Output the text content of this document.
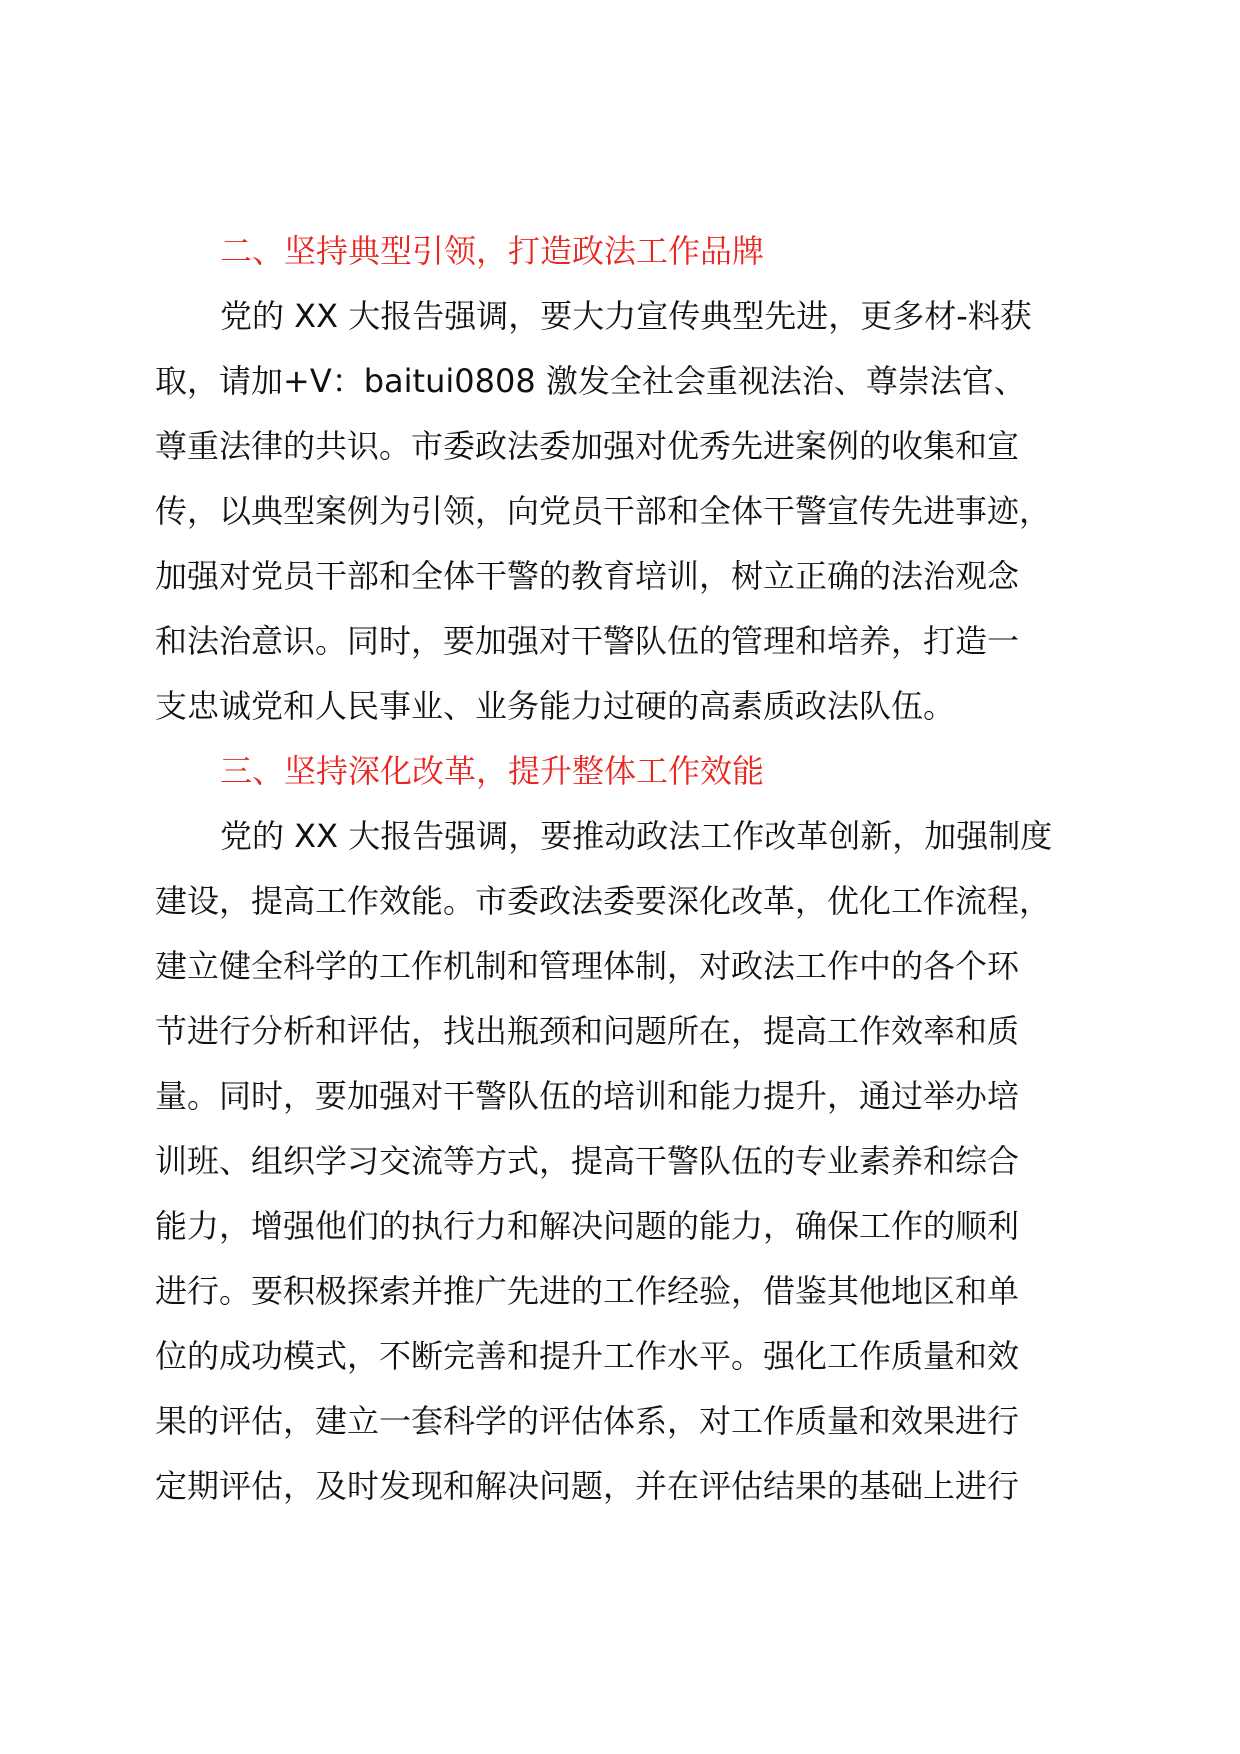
二、坚持典型引领，打造政法工作品牌
党的 XX 大报告强调，要大力宣传典型先进，更多材-料获
取，请加+V：baitui0808 激发全社会重视法治、尊崇法官、
尊重法律的共识。市委政法委加强对优秀先进案例的收集和宣
传，以典型案例为引领，向党员干部和全体干警宣传先进事迹，
加强对党员干部和全体干警的教育培训，树立正确的法治观念
和法治意识。同时，要加强对干警队伍的管理和培养，打造一
支忠诚党和人民事业、业务能力过硬的高素质政法队伍。
三、坚持深化改革，提升整体工作效能
党的 XX 大报告强调，要推动政法工作改革创新，加强制度
建设，提高工作效能。市委政法委要深化改革，优化工作流程，
建立健全科学的工作机制和管理体制，对政法工作中的各个环
节进行分析和评估，找出瓶颈和问题所在，提高工作效率和质
量。同时，要加强对干警队伍的培训和能力提升，通过举办培
训班、组织学习交流等方式，提高干警队伍的专业素养和综合
能力，增强他们的执行力和解决问题的能力，确保工作的顺利
进行。要积极探索并推广先进的工作经验，借鉴其他地区和单
位的成功模式，不断完善和提升工作水平。强化工作质量和效
果的评估，建立一套科学的评估体系，对工作质量和效果进行
定期评估，及时发现和解决问题，并在评估结果的基础上进行
